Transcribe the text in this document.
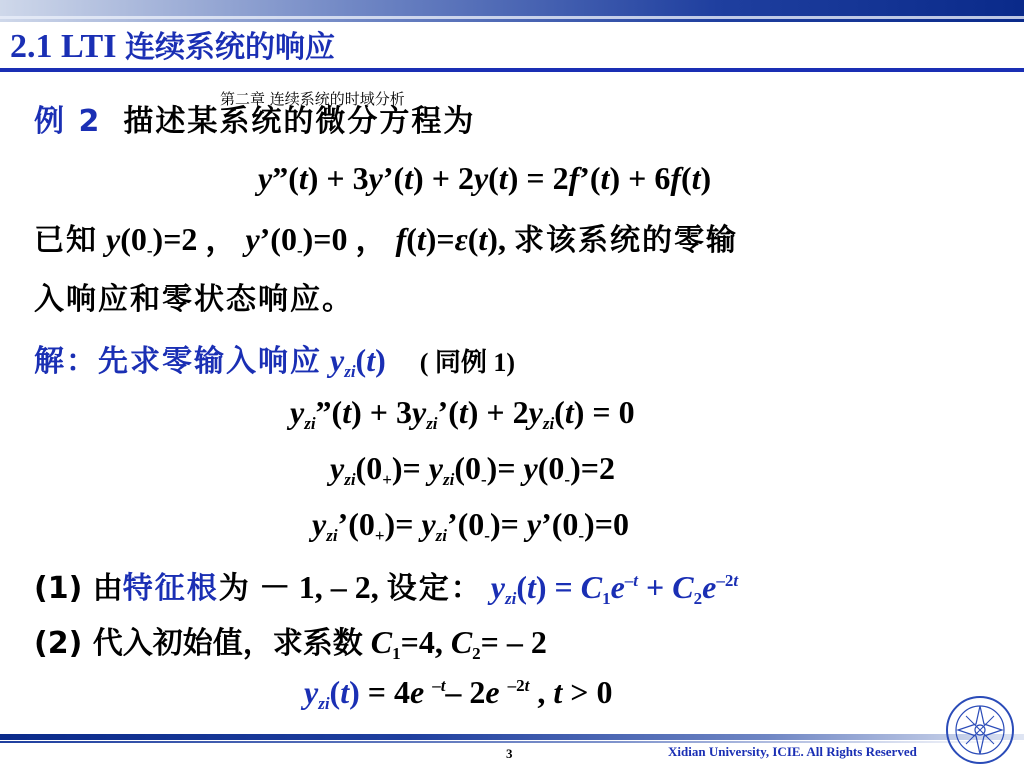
2.1 LTI 连续系统的响应
例 2 描述某系统的微分方程为
第二章 连续系统的时域分析
y”(t) + 3y’(t) + 2y(t) = 2f’(t) + 6f(t)
已知 $y(0_-)=2$ ， $y’(0_-)=0$ ， f(t)=ε(t), 求该系统的零输
入响应和零状态响应。
解：先求零输入响应 $y_{zi}(t)$ ( 同例 1)
$y_{zi}”(t)$ + $3y_{zi}’(t) + 2y_{zi}(t) = 0$
$y_{zi}(0_+)= y_{zi}(0_-)= y(0_-)=2$
$y_{zi}’(0_+)=$ $y_{zi}’(0_-)=$ $y’(0_-)=0$
(1) 由特征根为 － 1, – 2, 设定： $y_{zi}(t) = C_1e^{-t} + C_2e^{-2t}$
(2) 代入初始值，求系数 $C_1=4$, $C_2= - 2$
$y_{zi}(t) = 4e$ $^{-t}$– 2e $^{-2t}$ , t > 0
3	Xidian University, ICIE. All Rights Reserved
